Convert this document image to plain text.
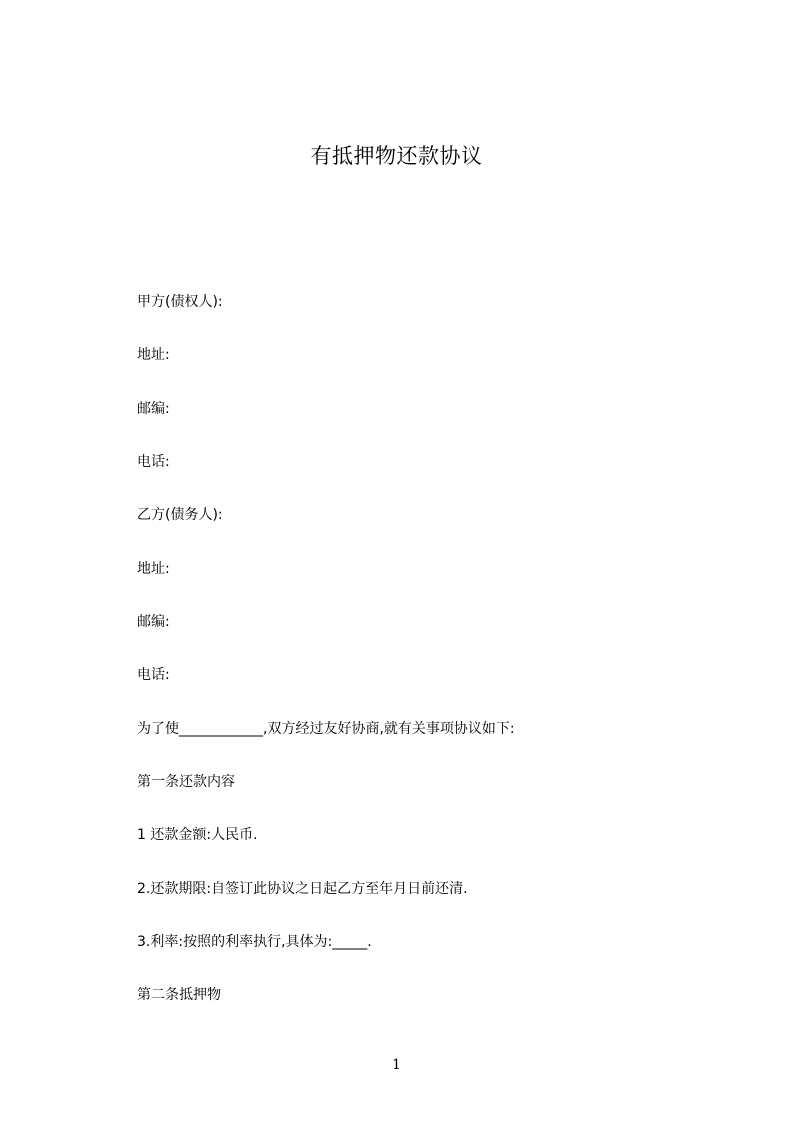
有抵押物还款协议
甲方(债权人):
地址:
邮编:
电话:
乙方(债务人):
地址:
邮编:
电话:
为了使____________,双方经过友好协商,就有关事项协议如下:
第一条还款内容
1 还款金额:人民币.
2.还款期限:自签订此协议之日起乙方至年月日前还清.
3.利率:按照的利率执行,具体为:_____.
第二条抵押物
1
